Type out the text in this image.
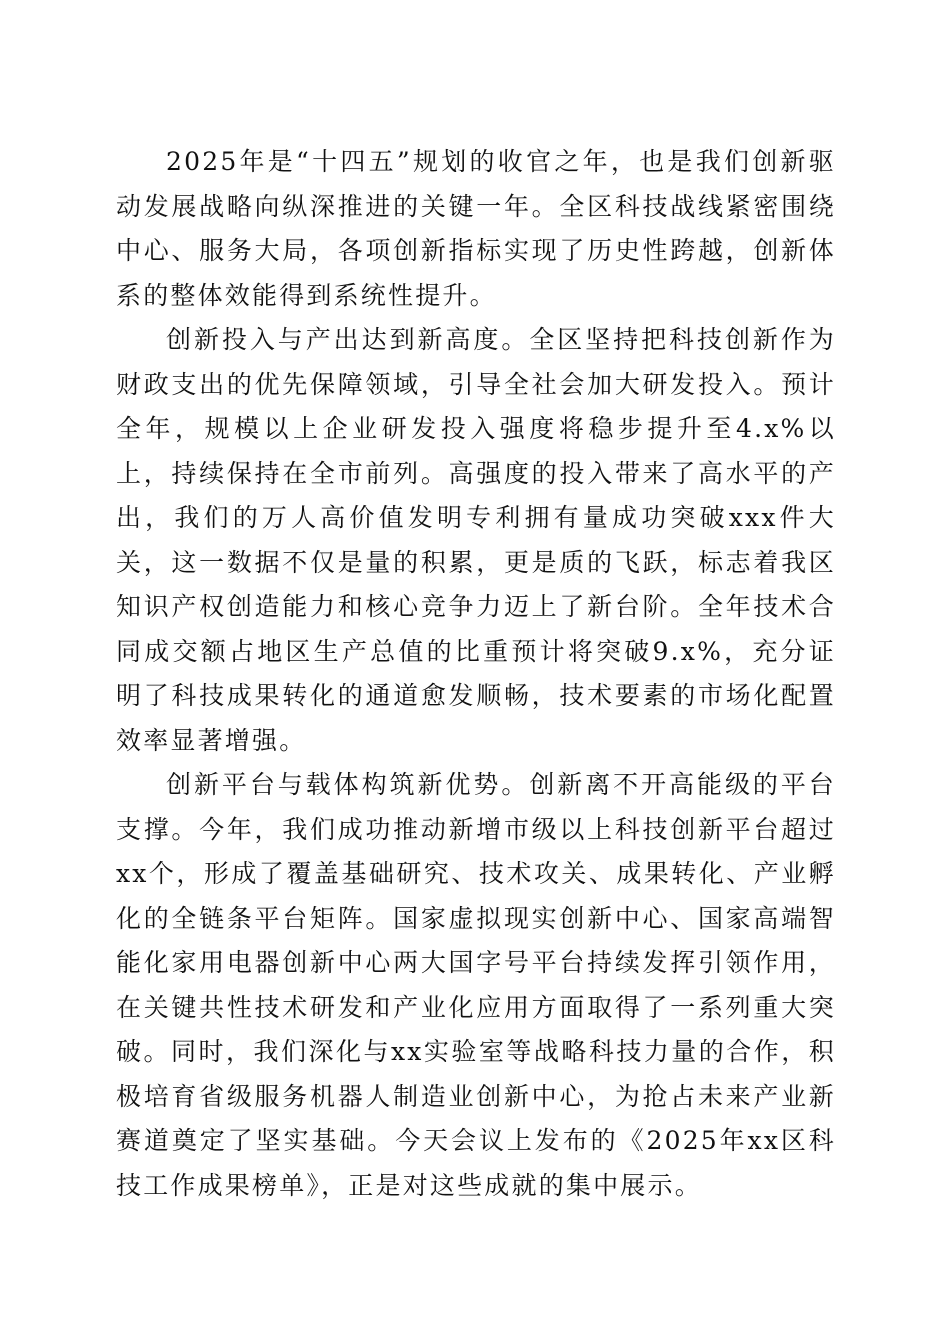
2025年是“十四五”规划的收官之年，也是我们创新驱动发展战略向纵深推进的关键一年。全区科技战线紧密围绕中心、服务大局，各项创新指标实现了历史性跨越，创新体系的整体效能得到系统性提升。

创新投入与产出达到新高度。全区坚持把科技创新作为财政支出的优先保障领域，引导全社会加大研发投入。预计全年，规模以上企业研发投入强度将稳步提升至4.x%以上，持续保持在全市前列。高强度的投入带来了高水平的产出，我们的万人高价值发明专利拥有量成功突破xxx件大关，这一数据不仅是量的积累，更是质的飞跃，标志着我区知识产权创造能力和核心竞争力迈上了新台阶。全年技术合同成交额占地区生产总值的比重预计将突破9.x%，充分证明了科技成果转化的通道愈发顺畅，技术要素的市场化配置效率显著增强。

创新平台与载体构筑新优势。创新离不开高能级的平台支撑。今年，我们成功推动新增市级以上科技创新平台超过xx个，形成了覆盖基础研究、技术攻关、成果转化、产业孵化的全链条平台矩阵。国家虚拟现实创新中心、国家高端智能化家用电器创新中心两大国字号平台持续发挥引领作用，在关键共性技术研发和产业化应用方面取得了一系列重大突破。同时，我们深化与xx实验室等战略科技力量的合作，积极培育省级服务机器人制造业创新中心，为抢占未来产业新赛道奠定了坚实基础。今天会议上发布的《2025年xx区科技工作成果榜单》，正是对这些成就的集中展示。
